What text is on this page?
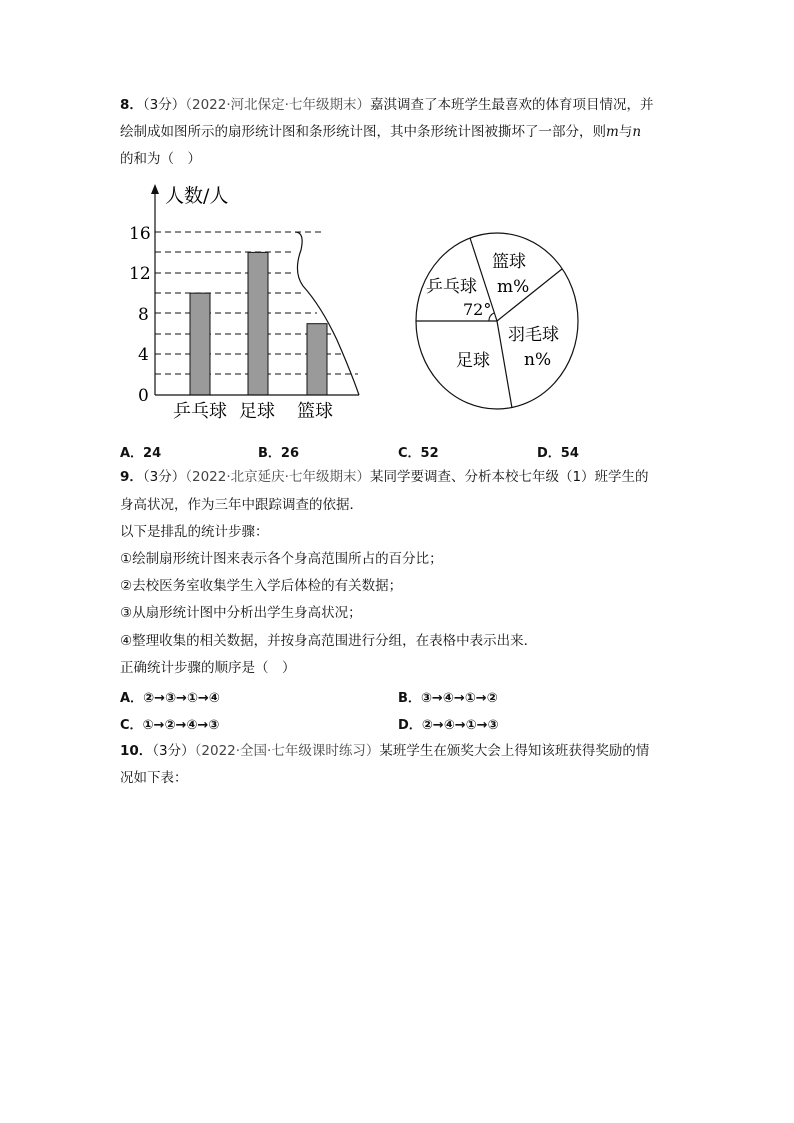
8．（3分）（2022·河北保定·七年级期末）嘉淇调查了本班学生最喜欢的体育项目情况，并
绘制成如图所示的扇形统计图和条形统计图，其中条形统计图被撕坏了一部分，则m与n
的和为（　）
人数/人
16
12
8
4
0
乒乓球 足球 篮球
篮球
m%
乒乓球
72°
羽毛球
n%
足球
A．24	B．26	C．52	D．54
9．（3分）（2022·北京延庆·七年级期末）某同学要调查、分析本校七年级（1）班学生的
身高状况，作为三年中跟踪调查的依据．
以下是排乱的统计步骤：
①绘制扇形统计图来表示各个身高范围所占的百分比；
②去校医务室收集学生入学后体检的有关数据；
③从扇形统计图中分析出学生身高状况；
④整理收集的相关数据，并按身高范围进行分组，在表格中表示出来．
正确统计步骤的顺序是（　）
A．②→③→①→④	B．③→④→①→②
C．①→②→④→③	D．②→④→①→③
10．（3分）（2022·全国·七年级课时练习）某班学生在颁奖大会上得知该班获得奖励的情
况如下表：
